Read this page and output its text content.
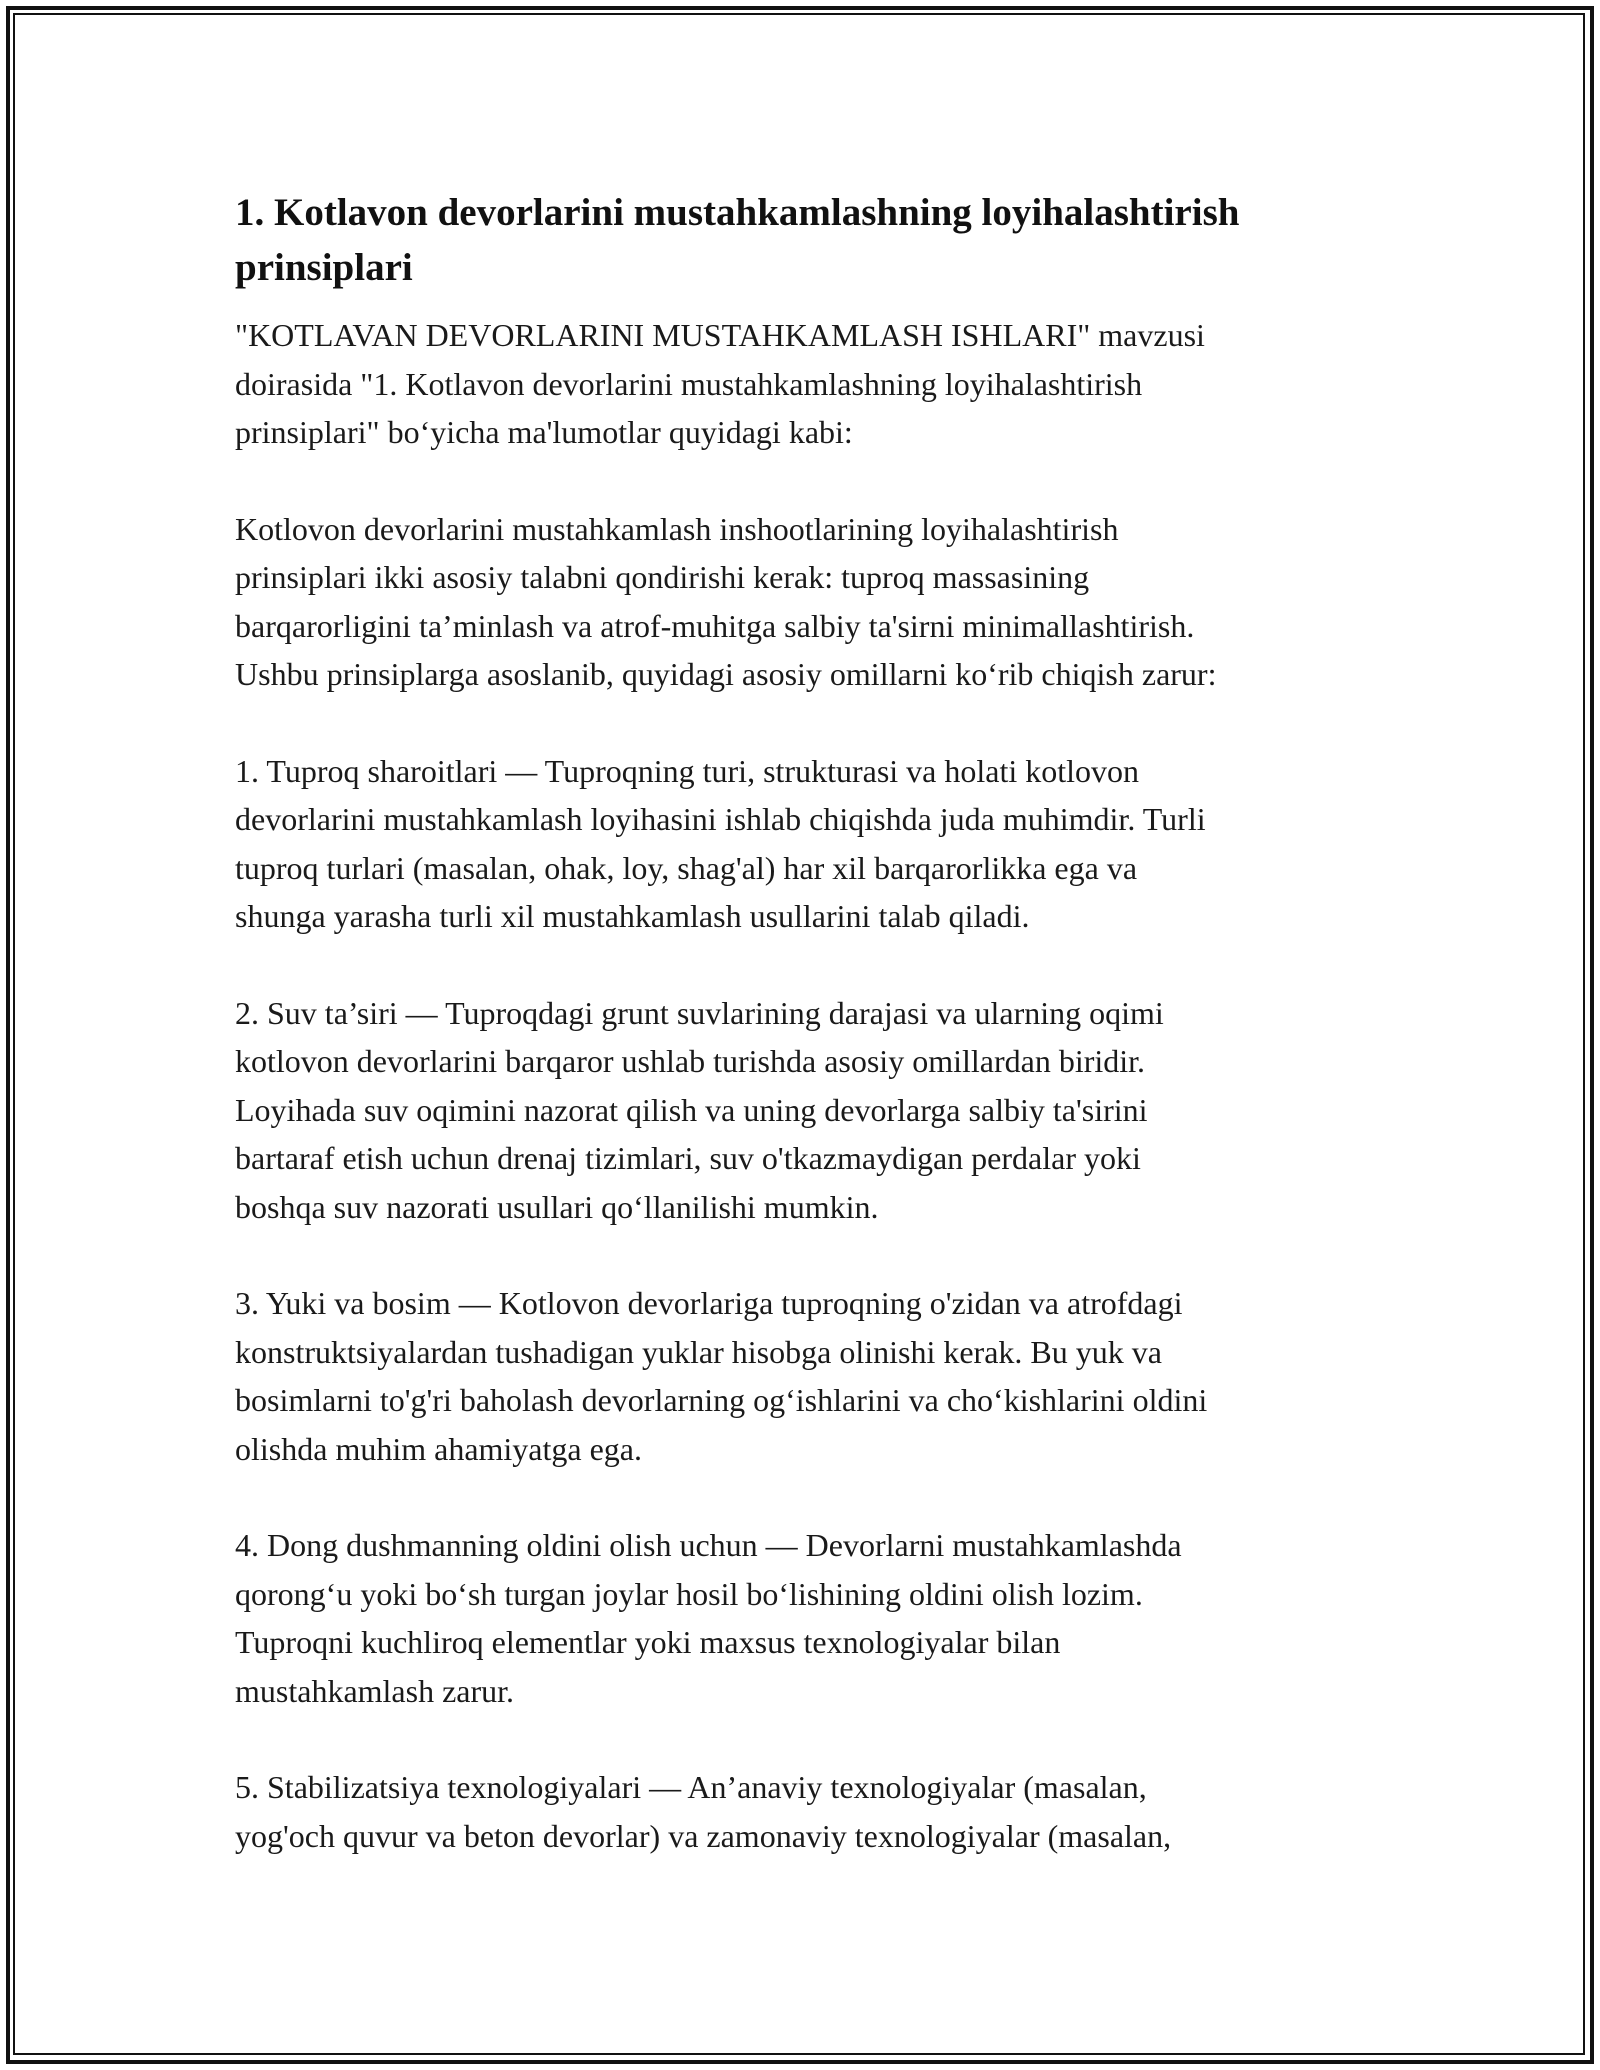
1. Kotlavon devorlarini mustahkamlashning loyihalashtirish
prinsiplari

"KOTLAVAN DEVORLARINI MUSTAHKAMLASH ISHLARI" mavzusi
doirasida "1. Kotlavon devorlarini mustahkamlashning loyihalashtirish
prinsiplari" bo‘yicha ma'lumotlar quyidagi kabi:

Kotlovon devorlarini mustahkamlash inshootlarining loyihalashtirish
prinsiplari ikki asosiy talabni qondirishi kerak: tuproq massasining
barqarorligini ta’minlash va atrof-muhitga salbiy ta'sirni minimallashtirish.
Ushbu prinsiplarga asoslanib, quyidagi asosiy omillarni ko‘rib chiqish zarur:

1. Tuproq sharoitlari — Tuproqning turi, strukturasi va holati kotlovon
devorlarini mustahkamlash loyihasini ishlab chiqishda juda muhimdir. Turli
tuproq turlari (masalan, ohak, loy, shag'al) har xil barqarorlikka ega va
shunga yarasha turli xil mustahkamlash usullarini talab qiladi.

2. Suv ta’siri — Tuproqdagi grunt suvlarining darajasi va ularning oqimi
kotlovon devorlarini barqaror ushlab turishda asosiy omillardan biridir.
Loyihada suv oqimini nazorat qilish va uning devorlarga salbiy ta'sirini
bartaraf etish uchun drenaj tizimlari, suv o'tkazmaydigan perdalar yoki
boshqa suv nazorati usullari qo‘llanilishi mumkin.

3. Yuki va bosim — Kotlovon devorlariga tuproqning o'zidan va atrofdagi
konstruktsiyalardan tushadigan yuklar hisobga olinishi kerak. Bu yuk va
bosimlarni to'g'ri baholash devorlarning og‘ishlarini va cho‘kishlarini oldini
olishda muhim ahamiyatga ega.

4. Dong dushmanning oldini olish uchun — Devorlarni mustahkamlashda
qorong‘u yoki bo‘sh turgan joylar hosil bo‘lishining oldini olish lozim.
Tuproqni kuchliroq elementlar yoki maxsus texnologiyalar bilan
mustahkamlash zarur.

5. Stabilizatsiya texnologiyalari — An’anaviy texnologiyalar (masalan,
yog'och quvur va beton devorlar) va zamonaviy texnologiyalar (masalan,
